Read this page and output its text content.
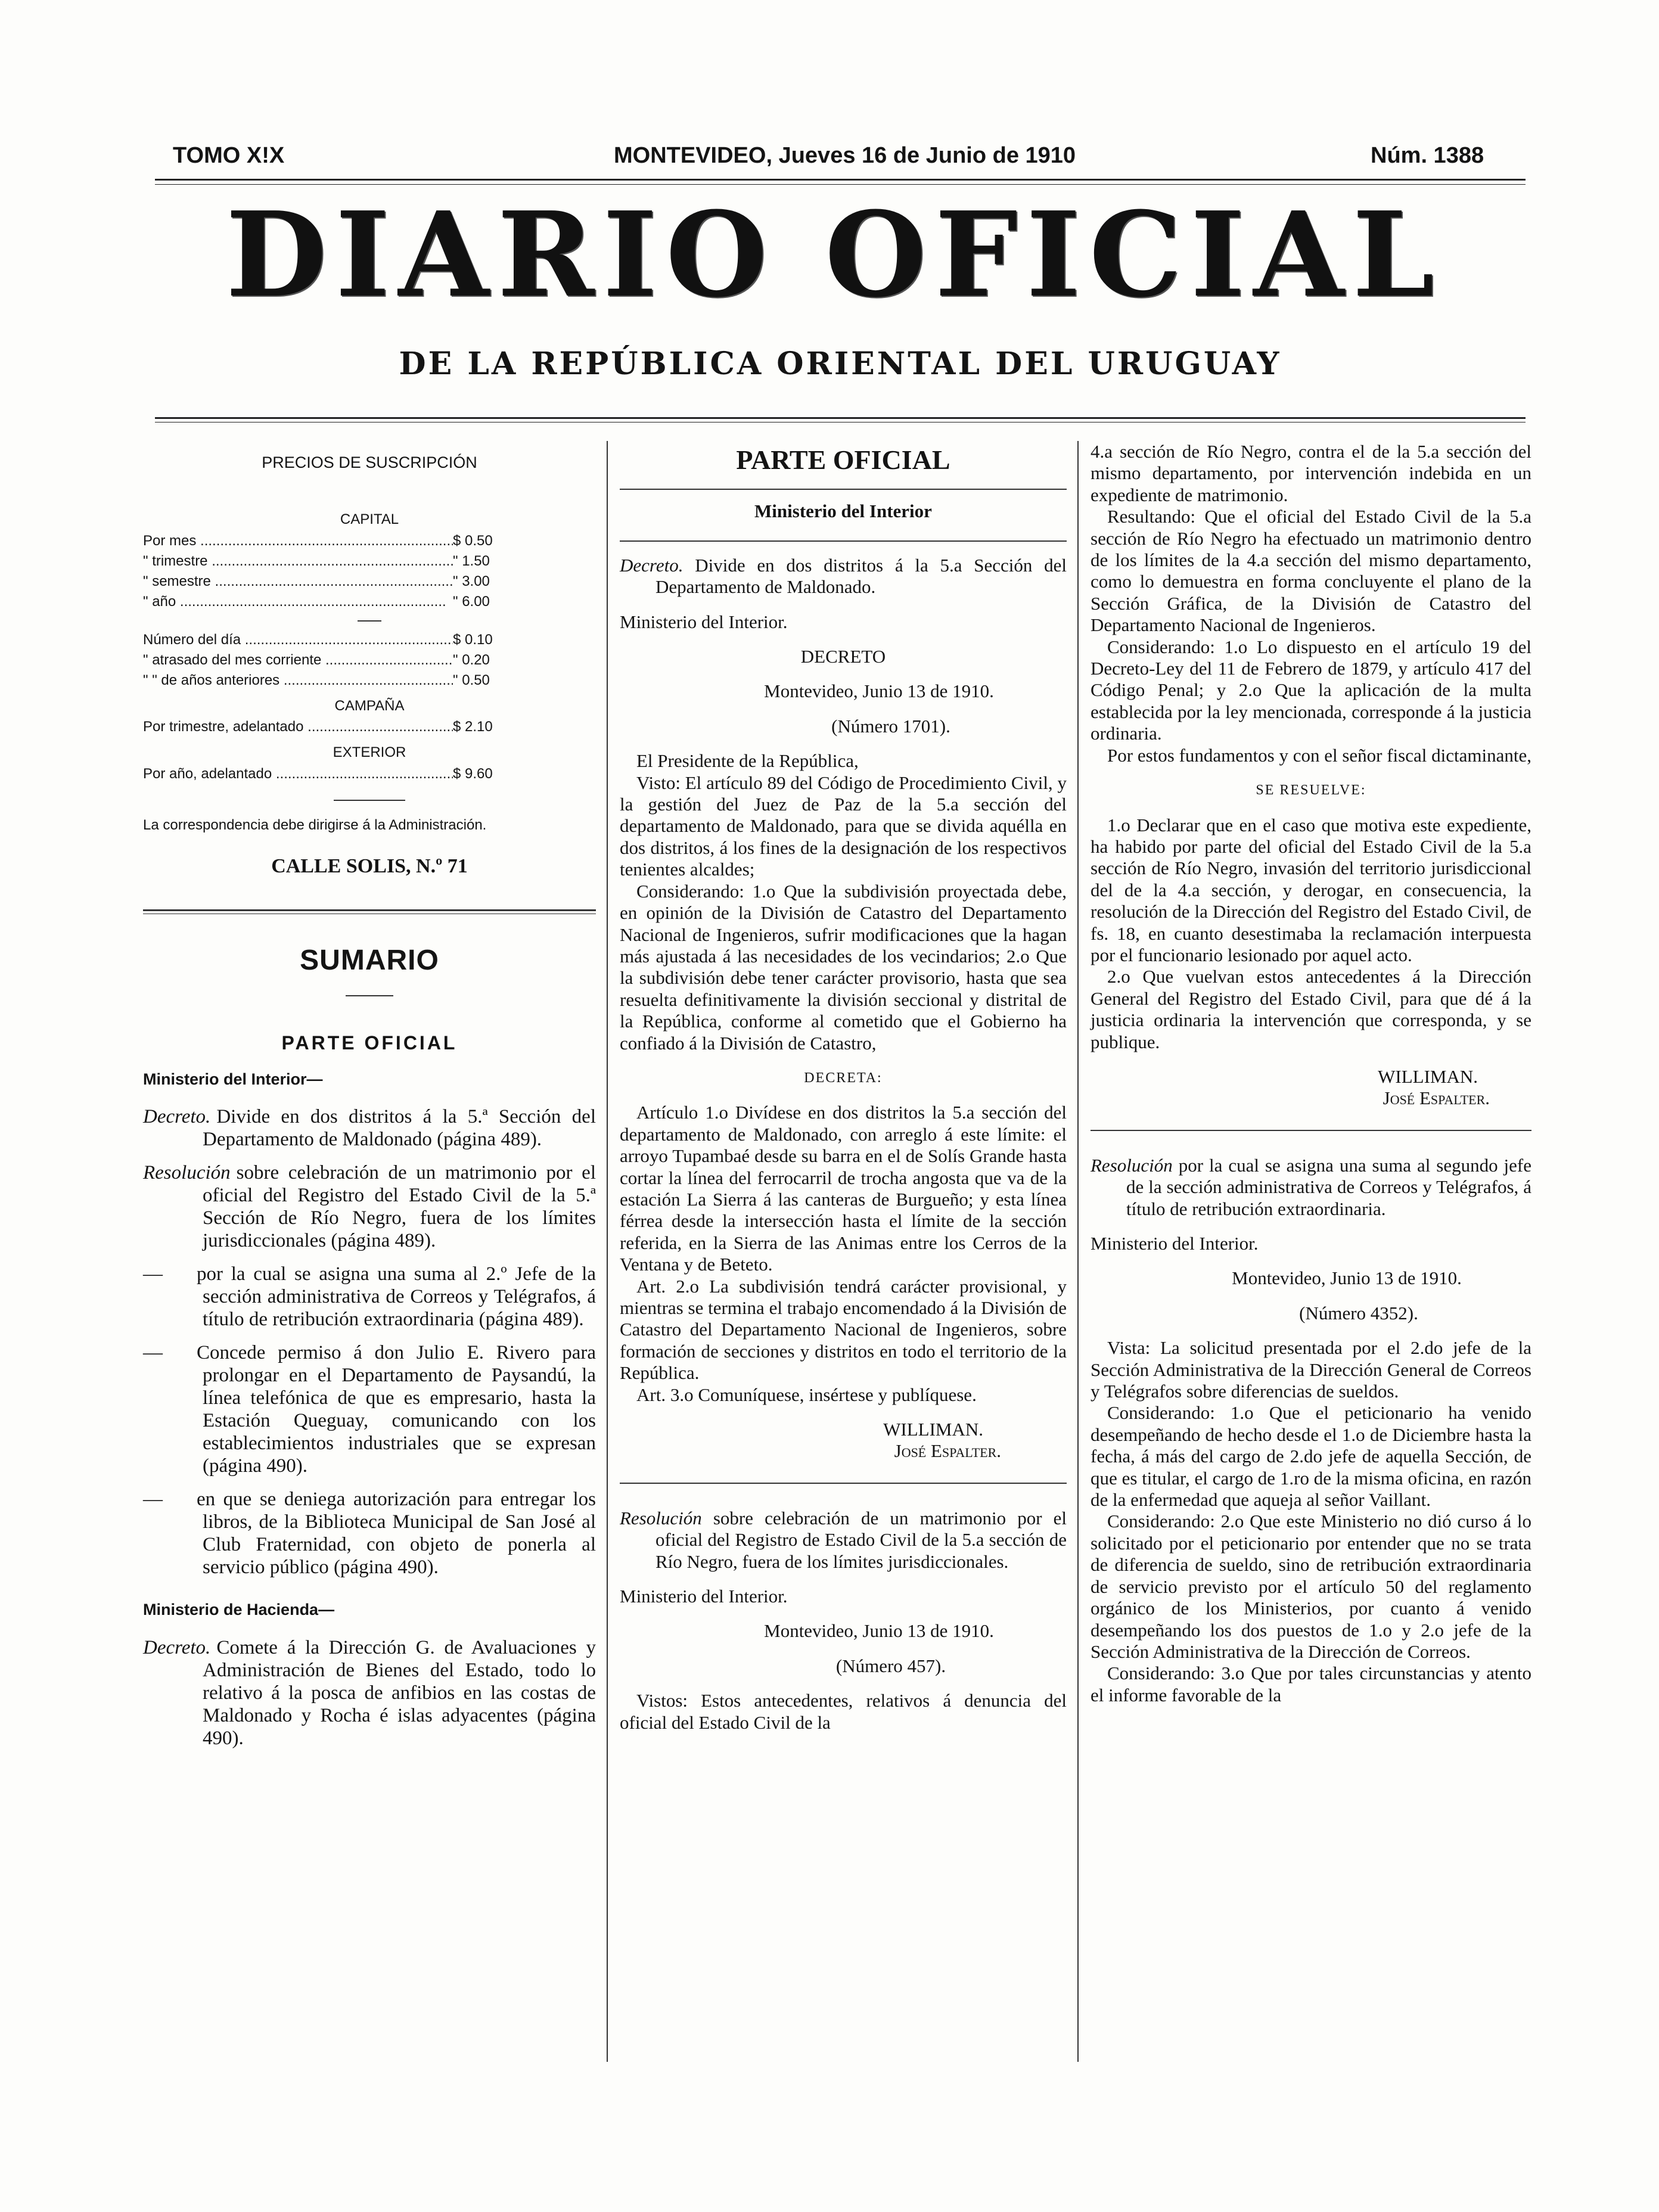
TOMO X!X	MONTEVIDEO, Jueves 16 de Junio de 1910	Núm. 1388
DIARIO OFICIAL
DE LA REPÚBLICA ORIENTAL DEL URUGUAY

PRECIOS DE SUSCRIPCIÓN

CAPITAL

Por mes .....	$ 0.50
" trimestre .....	" 1.50
" semestre .....	" 3.00
" año .....	" 6.00
Número del día .....	$ 0.10
" atrasado del mes corriente .....	" 0.20
" " de años anteriores .....	" 0.50

CAMPAÑA

Por trimestre, adelantado .....	$ 2.10

EXTERIOR

Por año, adelantado .....	$ 9.60

La correspondencia debe dirigirse á la Administración.

CALLE SOLIS, N.º 71

SUMARIO

PARTE OFICIAL

Ministerio del Interior—

Decreto. Divide en dos distritos á la 5.ª Sección del Departamento de Maldonado (página 489).

Resolución sobre celebración de un matrimonio por el oficial del Registro del Estado Civil de la 5.ª Sección de Río Negro, fuera de los límites jurisdiccionales (página 489).

— por la cual se asigna una suma al 2.º Jefe de la sección administrativa de Correos y Telégrafos, á título de retribución extraordinaria (página 489).

— Concede permiso á don Julio E. Rivero para prolongar en el Departamento de Paysandú, la línea telefónica de que es empresario, hasta la Estación Queguay, comunicando con los establecimientos industriales que se expresan (página 490).

— en que se deniega autorización para entregar los libros, de la Biblioteca Municipal de San José al Club Fraternidad, con objeto de ponerla al servicio público (página 490).

Ministerio de Hacienda—

Decreto. Comete á la Dirección G. de Avaluaciones y Administración de Bienes del Estado, todo lo relativo á la posca de anfibios en las costas de Maldonado y Rocha é islas adyacentes (página 490).

PARTE OFICIAL

Ministerio del Interior

Decreto. Divide en dos distritos á la 5.a Sección del Departamento de Maldonado.

Ministerio del Interior.

DECRETO

Montevideo, Junio 13 de 1910.

(Número 1701).

El Presidente de la República,

Visto: El artículo 89 del Código de Procedimiento Civil, y la gestión del Juez de Paz de la 5.a sección del departamento de Maldonado, para que se divida aquélla en dos distritos, á los fines de la designación de los respectivos tenientes alcaldes;

Considerando: 1.o Que la subdivisión proyectada debe, en opinión de la División de Catastro del Departamento Nacional de Ingenieros, sufrir modificaciones que la hagan más ajustada á las necesidades de los vecindarios; 2.o Que la subdivisión debe tener carácter provisorio, hasta que sea resuelta definitivamente la división seccional y distrital de la República, conforme al cometido que el Gobierno ha confiado á la División de Catastro,

DECRETA:

Artículo 1.o Divídese en dos distritos la 5.a sección del departamento de Maldonado, con arreglo á este límite: el arroyo Tupambaé desde su barra en el de Solís Grande hasta cortar la línea del ferrocarril de trocha angosta que va de la estación La Sierra á las canteras de Burgueño; y esta línea férrea desde la intersección hasta el límite de la sección referida, en la Sierra de las Animas entre los Cerros de la Ventana y de Beteto.

Art. 2.o La subdivisión tendrá carácter provisional, y mientras se termina el trabajo encomendado á la División de Catastro del Departamento Nacional de Ingenieros, sobre formación de secciones y distritos en todo el territorio de la República.

Art. 3.o Comuníquese, insértese y publíquese.

WILLIMAN.

José Espalter.

Resolución sobre celebración de un matrimonio por el oficial del Registro de Estado Civil de la 5.a sección de Río Negro, fuera de los límites jurisdiccionales.

Ministerio del Interior.

Montevideo, Junio 13 de 1910.

(Número 457).

Vistos: Estos antecedentes, relativos á denuncia del oficial del Estado Civil de la

4.a sección de Río Negro, contra el de la 5.a sección del mismo departamento, por intervención indebida en un expediente de matrimonio.

Resultando: Que el oficial del Estado Civil de la 5.a sección de Río Negro ha efectuado un matrimonio dentro de los límites de la 4.a sección del mismo departamento, como lo demuestra en forma concluyente el plano de la Sección Gráfica, de la División de Catastro del Departamento Nacional de Ingenieros.

Considerando: 1.o Lo dispuesto en el artículo 19 del Decreto-Ley del 11 de Febrero de 1879, y artículo 417 del Código Penal; y 2.o Que la aplicación de la multa establecida por la ley mencionada, corresponde á la justicia ordinaria.

Por estos fundamentos y con el señor fiscal dictaminante,

SE RESUELVE:

1.o Declarar que en el caso que motiva este expediente, ha habido por parte del oficial del Estado Civil de la 5.a sección de Río Negro, invasión del territorio jurisdiccional del de la 4.a sección, y derogar, en consecuencia, la resolución de la Dirección del Registro del Estado Civil, de fs. 18, en cuanto desestimaba la reclamación interpuesta por el funcionario lesionado por aquel acto.

2.o Que vuelvan estos antecedentes á la Dirección General del Registro del Estado Civil, para que dé á la justicia ordinaria la intervención que corresponda, y se publique.

WILLIMAN.

José Espalter.

Resolución por la cual se asigna una suma al segundo jefe de la sección administrativa de Correos y Telégrafos, á título de retribución extraordinaria.

Ministerio del Interior.

Montevideo, Junio 13 de 1910.

(Número 4352).

Vista: La solicitud presentada por el 2.do jefe de la Sección Administrativa de la Dirección General de Correos y Telégrafos sobre diferencias de sueldos.

Considerando: 1.o Que el peticionario ha venido desempeñando de hecho desde el 1.o de Diciembre hasta la fecha, á más del cargo de 2.do jefe de aquella Sección, de que es titular, el cargo de 1.ro de la misma oficina, en razón de la enfermedad que aqueja al señor Vaillant.

Considerando: 2.o Que este Ministerio no dió curso á lo solicitado por el peticionario por entender que no se trata de diferencia de sueldo, sino de retribución extraordinaria de servicio previsto por el artículo 50 del reglamento orgánico de los Ministerios, por cuanto á venido desempeñando los dos puestos de 1.o y 2.o jefe de la Sección Administrativa de la Dirección de Correos.

Considerando: 3.o Que por tales circunstancias y atento el informe favorable de la
